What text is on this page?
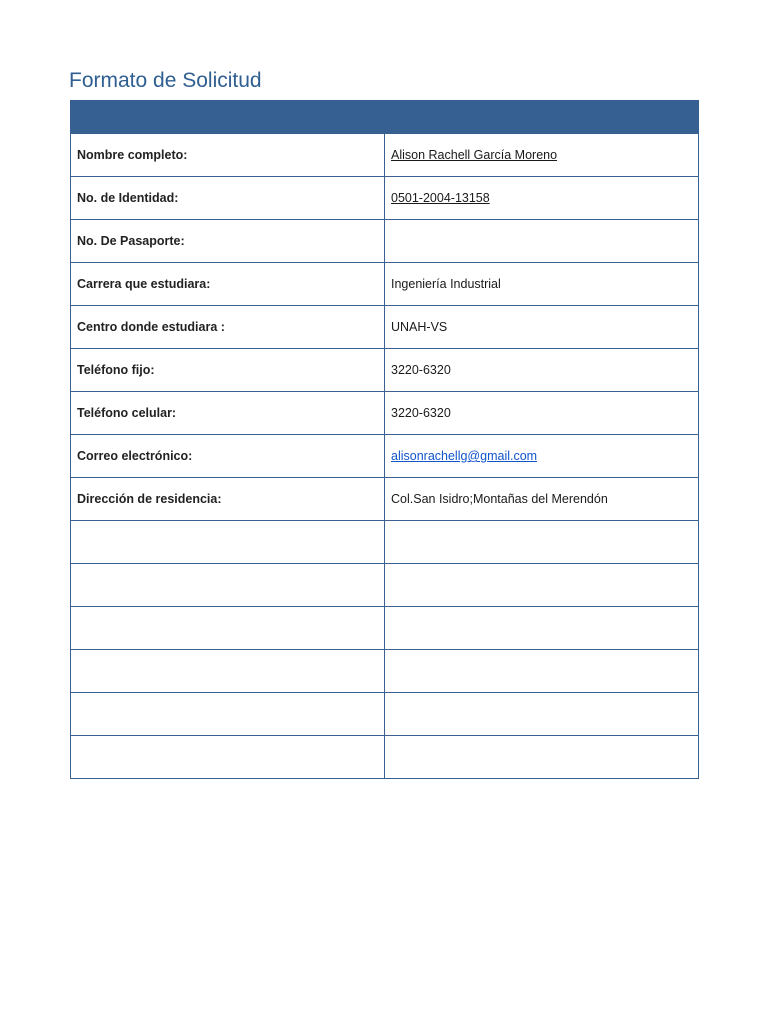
Formato de Solicitud

Nombre completo:	Alison Rachell García Moreno
No. de Identidad:	0501-2004-13158
No. De Pasaporte:	
Carrera que estudiara:	Ingeniería Industrial
Centro donde estudiara :	UNAH-VS
Teléfono fijo:	3220-6320
Teléfono celular:	3220-6320
Correo electrónico:	alisonrachellg@gmail.com
Dirección de residencia:	Col.San Isidro;Montañas del Merendón
